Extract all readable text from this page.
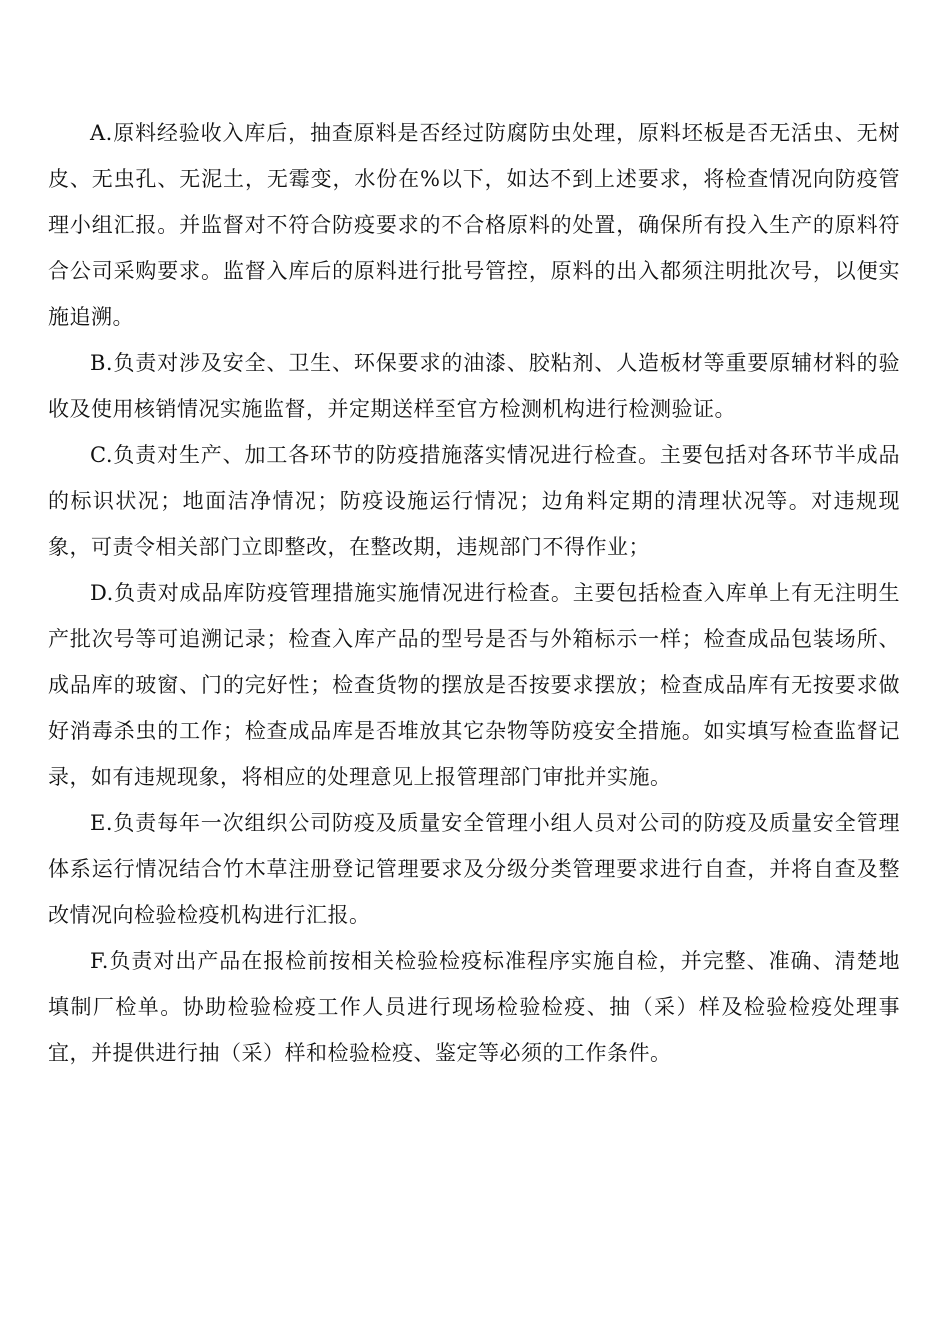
A.原料经验收入库后，抽查原料是否经过防腐防虫处理，原料坯板是否无活虫、无树皮、无虫孔、无泥土，无霉变，水份在%以下，如达不到上述要求，将检查情况向防疫管理小组汇报。并监督对不符合防疫要求的不合格原料的处置，确保所有投入生产的原料符合公司采购要求。监督入库后的原料进行批号管控，原料的出入都须注明批次号，以便实施追溯。

B.负责对涉及安全、卫生、环保要求的油漆、胶粘剂、人造板材等重要原辅材料的验收及使用核销情况实施监督，并定期送样至官方检测机构进行检测验证。

C.负责对生产、加工各环节的防疫措施落实情况进行检查。主要包括对各环节半成品的标识状况；地面洁净情况；防疫设施运行情况；边角料定期的清理状况等。对违规现象，可责令相关部门立即整改，在整改期，违规部门不得作业；

D.负责对成品库防疫管理措施实施情况进行检查。主要包括检查入库单上有无注明生产批次号等可追溯记录；检查入库产品的型号是否与外箱标示一样；检查成品包装场所、成品库的玻窗、门的完好性；检查货物的摆放是否按要求摆放；检查成品库有无按要求做好消毒杀虫的工作；检查成品库是否堆放其它杂物等防疫安全措施。如实填写检查监督记录，如有违规现象，将相应的处理意见上报管理部门审批并实施。

E.负责每年一次组织公司防疫及质量安全管理小组人员对公司的防疫及质量安全管理体系运行情况结合竹木草注册登记管理要求及分级分类管理要求进行自查，并将自查及整改情况向检验检疫机构进行汇报。

F.负责对出产品在报检前按相关检验检疫标准程序实施自检，并完整、准确、清楚地填制厂检单。协助检验检疫工作人员进行现场检验检疫、抽（采）样及检验检疫处理事宜，并提供进行抽（采）样和检验检疫、鉴定等必须的工作条件。
